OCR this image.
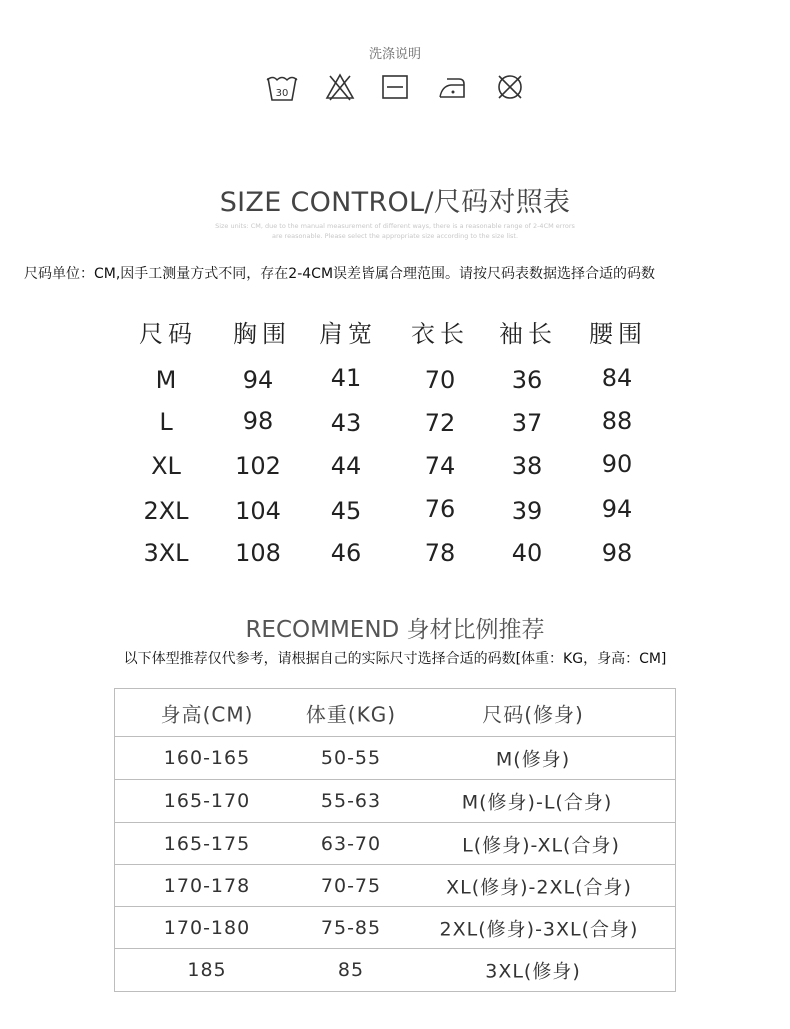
洗涤说明
30
SIZE CONTROL/尺码对照表
Size units: CM, due to the manual measurement of different ways, there is a reasonable range of 2-4CM errors
are reasonable. Please select the appropriate size according to the size list.
尺码单位：CM,因手工测量方式不同，存在2-4CM误差皆属合理范围。请按尺码表数据选择合适的码数
尺码 胸围 肩宽 衣长 袖长 腰围
M	94 41	70 36 84
L	98 43	72 37 88
XL 102 44	74 38 90
2XL 104 45	76 39 94
3XL 108 46	78 40 98
RECOMMEND 身材比例推荐
以下体型推荐仅代参考，请根据自己的实际尺寸选择合适的码数[体重：KG，身高：CM]
身高(CM)	体重(KG)	尺码(修身)
160-165	50-55	M(修身)
165-170	55-63	M(修身)-L(合身)
165-175	63-70	L(修身)-XL(合身)
170-178	70-75	XL(修身)-2XL(合身)
170-180	75-85	2XL(修身)-3XL(合身)
185	85	3XL(修身)
